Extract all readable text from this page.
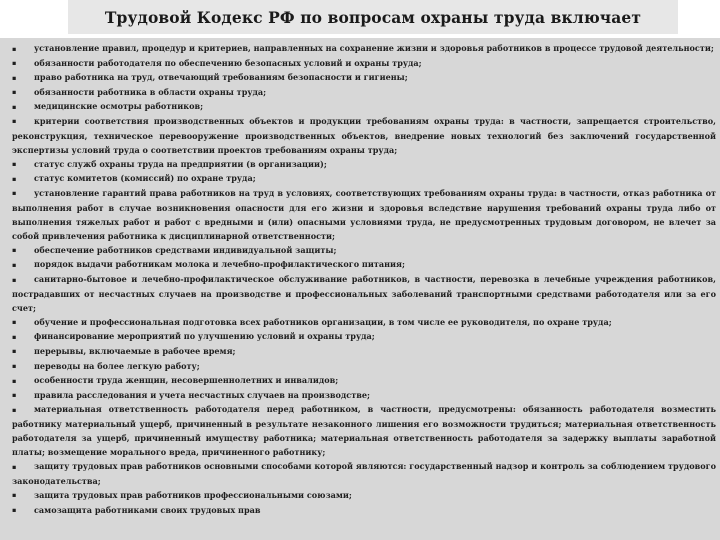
Трудовой Кодекс РФ по вопросам охраны труда включает
▪ установление правил, процедур и критериев, направленных на сохранение жизни и здоровья работников в процессе трудовой деятельности;
▪ обязанности работодателя по обеспечению безопасных условий и охраны труда;
▪ право работника на труд, отвечающий требованиям безопасности и гигиены;
▪ обязанности работника в области охраны труда;
▪ медицинские осмотры работников;
▪ критерии соответствия производственных объектов и продукции требованиям охраны труда: в частности, запрещается строительство, реконструкция, техническое перевооружение производственных объектов, внедрение новых технологий без заключений государственной экспертизы условий труда о соответствии проектов требованиям охраны труда;
▪ статус служб охраны труда на предприятии (в организации);
▪ статус комитетов (комиссий) по охране труда;
▪ установление гарантий права работников на труд в условиях, соответствующих требованиям охраны труда: в частности, отказ работника от выполнения работ в случае возникновения опасности для его жизни и здоровья вследствие нарушения требований охраны труда либо от выполнения тяжелых работ и работ с вредными и (или) опасными условиями труда, не предусмотренных трудовым договором, не влечет за собой привлечения работника к дисциплинарной ответственности;
▪ обеспечение работников средствами индивидуальной защиты;
▪ порядок выдачи работникам молока и лечебно-профилактического питания;
▪ санитарно-бытовое и лечебно-профилактическое обслуживание работников, в частности, перевозка в лечебные учреждения работников, пострадавших от несчастных случаев на производстве и профессиональных заболеваний транспортными средствами работодателя или за его счет;
▪ обучение и профессиональная подготовка всех работников организации, в том числе ее руководителя, по охране труда;
▪ финансирование мероприятий по улучшению условий и охраны труда;
▪ перерывы, включаемые в рабочее время;
▪ переводы на более легкую работу;
▪ особенности труда женщин, несовершеннолетних и инвалидов;
▪ правила расследования и учета несчастных случаев на производстве;
▪ материальная ответственность работодателя перед работником, в частности, предусмотрены: обязанность работодателя возместить работнику материальный ущерб, причиненный в результате незаконного лишения его возможности трудиться; материальная ответственность работодателя за ущерб, причиненный имуществу работника; материальная ответственность работодателя за задержку выплаты заработной платы; возмещение морального вреда, причиненного работнику;
▪ защиту трудовых прав работников основными способами которой являются: государственный надзор и контроль за соблюдением трудового законодательства;
▪ защита трудовых прав работников профессиональными союзами;
▪ самозащита работниками своих трудовых прав
